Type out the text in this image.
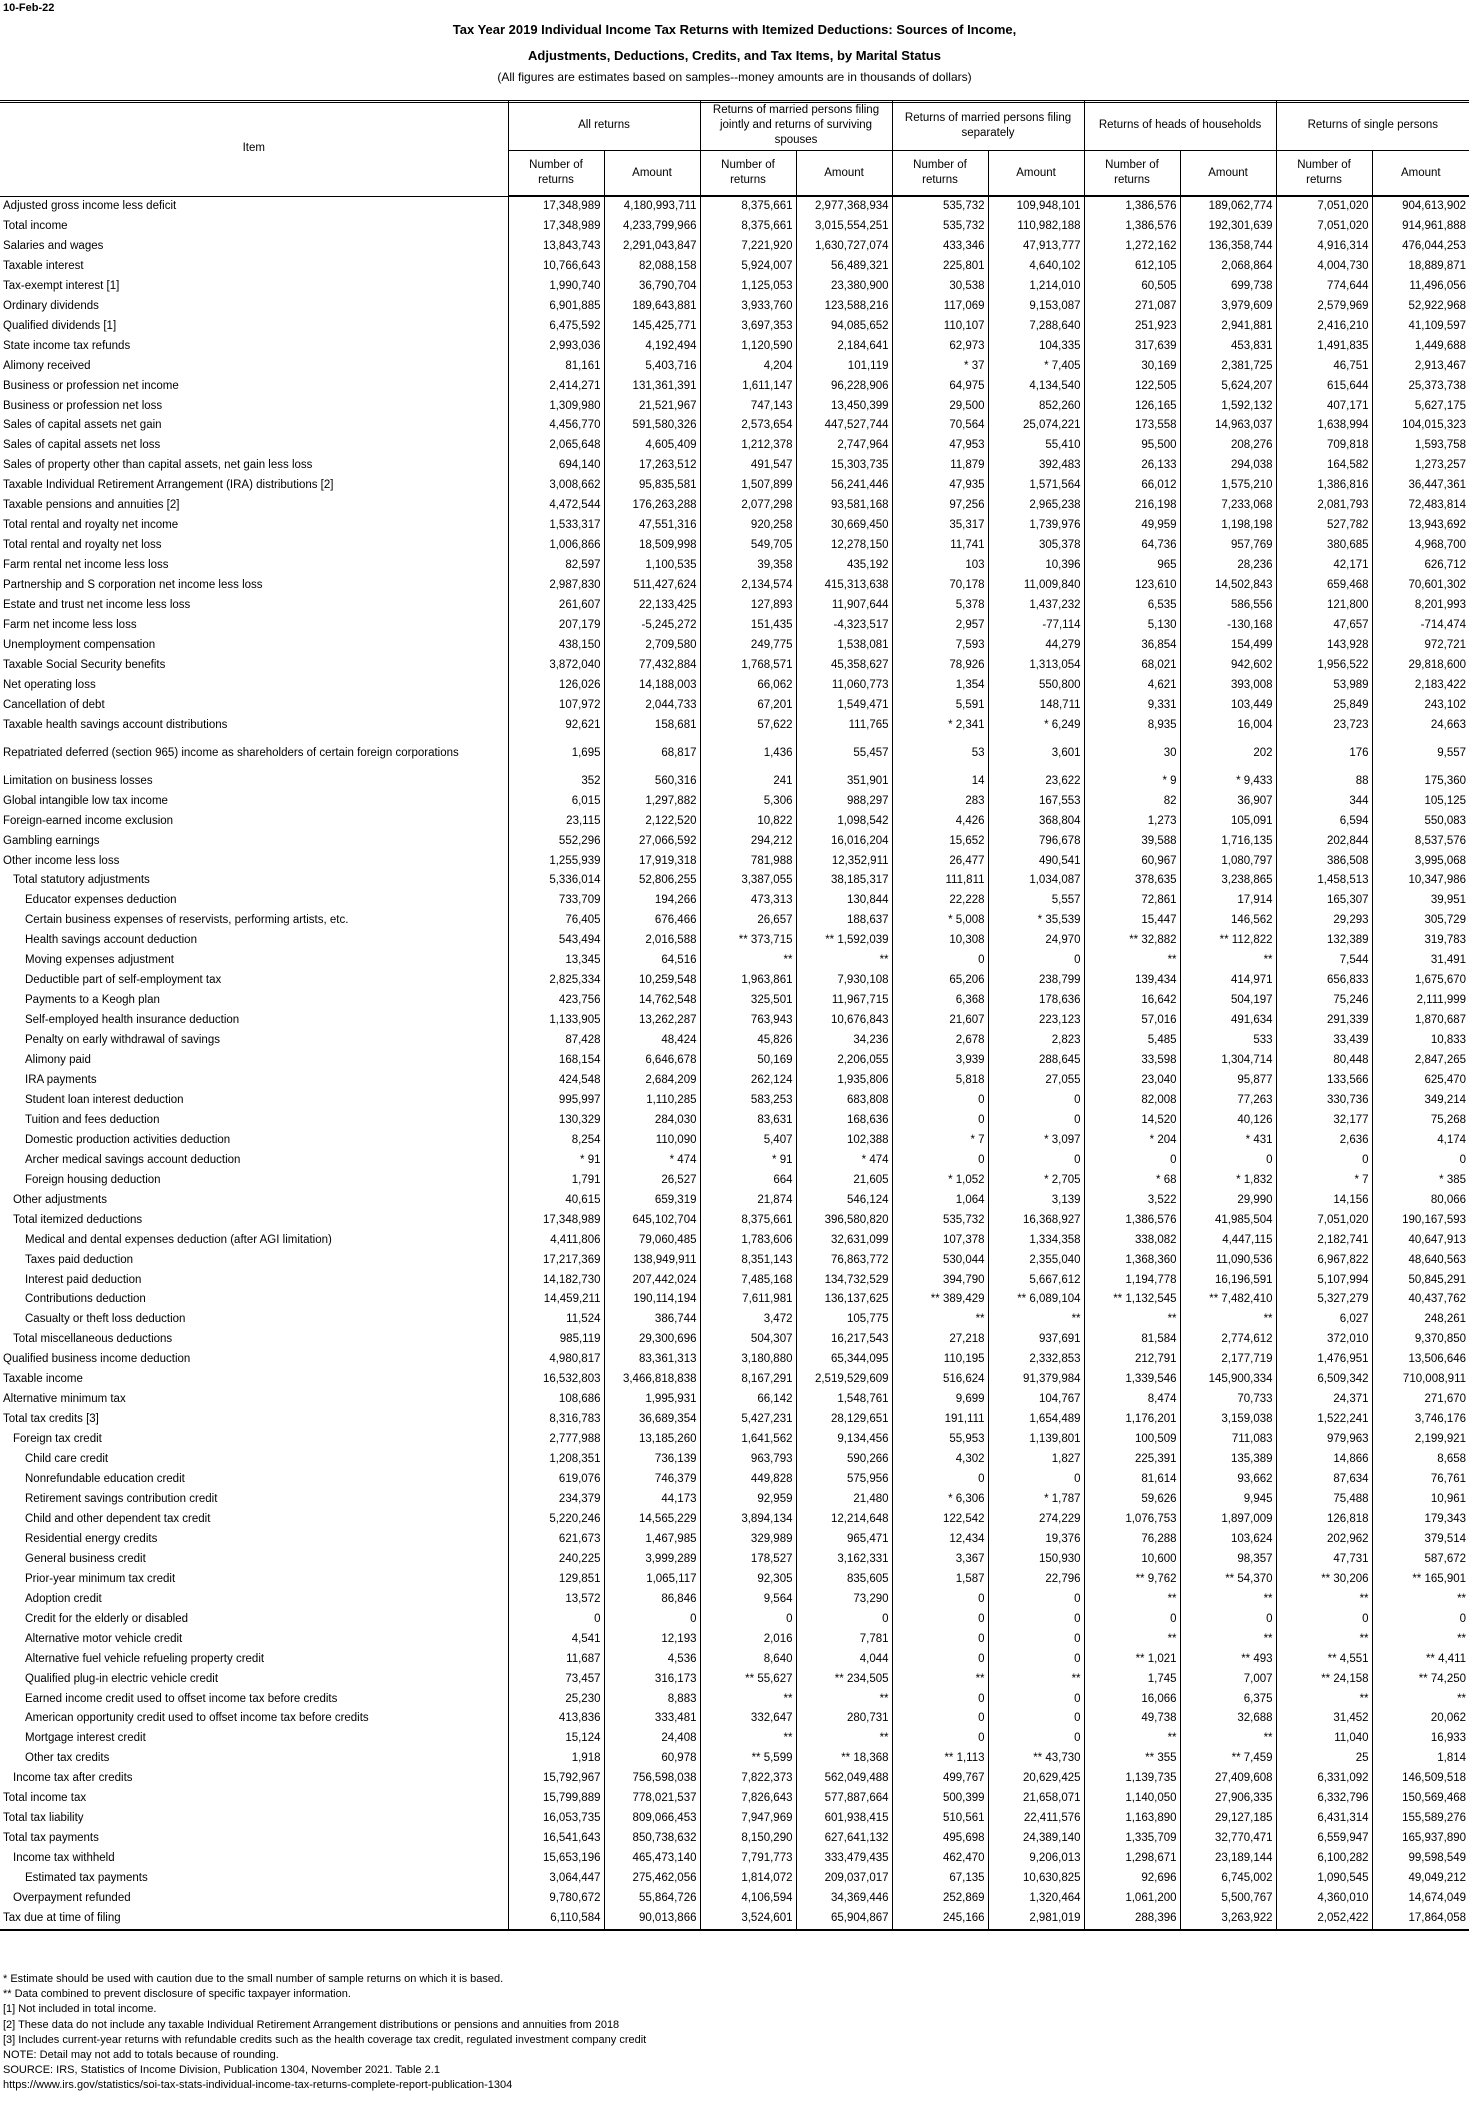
10-Feb-22
Tax Year 2019 Individual Income Tax Returns with Itemized Deductions: Sources of Income,
Adjustments, Deductions, Credits, and Tax Items, by Marital Status
(All figures are estimates based on samples--money amounts are in thousands of dollars)
Item	All returns		Returns of married persons filing jointly and returns of surviving spouses		Returns of married persons filing separately		Returns of heads of households		Returns of single persons	
	Number of returns	Amount	Number of returns	Amount	Number of returns	Amount	Number of returns	Amount	Number of returns	Amount
Adjusted gross income less deficit	17,348,989	4,180,993,711	8,375,661	2,977,368,934	535,732	109,948,101	1,386,576	189,062,774	7,051,020	904,613,902
Total income	17,348,989	4,233,799,966	8,375,661	3,015,554,251	535,732	110,982,188	1,386,576	192,301,639	7,051,020	914,961,888
Salaries and wages	13,843,743	2,291,043,847	7,221,920	1,630,727,074	433,346	47,913,777	1,272,162	136,358,744	4,916,314	476,044,253
Taxable interest	10,766,643	82,088,158	5,924,007	56,489,321	225,801	4,640,102	612,105	2,068,864	4,004,730	18,889,871
Tax-exempt interest [1]	1,990,740	36,790,704	1,125,053	23,380,900	30,538	1,214,010	60,505	699,738	774,644	11,496,056
Ordinary dividends	6,901,885	189,643,881	3,933,760	123,588,216	117,069	9,153,087	271,087	3,979,609	2,579,969	52,922,968
Qualified dividends [1]	6,475,592	145,425,771	3,697,353	94,085,652	110,107	7,288,640	251,923	2,941,881	2,416,210	41,109,597
State income tax refunds	2,993,036	4,192,494	1,120,590	2,184,641	62,973	104,335	317,639	453,831	1,491,835	1,449,688
Alimony received	81,161	5,403,716	4,204	101,119	* 37	* 7,405	30,169	2,381,725	46,751	2,913,467
Business or profession net income	2,414,271	131,361,391	1,611,147	96,228,906	64,975	4,134,540	122,505	5,624,207	615,644	25,373,738
Business or profession net loss	1,309,980	21,521,967	747,143	13,450,399	29,500	852,260	126,165	1,592,132	407,171	5,627,175
Sales of capital assets net gain	4,456,770	591,580,326	2,573,654	447,527,744	70,564	25,074,221	173,558	14,963,037	1,638,994	104,015,323
Sales of capital assets net loss	2,065,648	4,605,409	1,212,378	2,747,964	47,953	55,410	95,500	208,276	709,818	1,593,758
Sales of property other than capital assets, net gain less loss	694,140	17,263,512	491,547	15,303,735	11,879	392,483	26,133	294,038	164,582	1,273,257
Taxable Individual Retirement Arrangement (IRA) distributions [2]	3,008,662	95,835,581	1,507,899	56,241,446	47,935	1,571,564	66,012	1,575,210	1,386,816	36,447,361
Taxable pensions and annuities [2]	4,472,544	176,263,288	2,077,298	93,581,168	97,256	2,965,238	216,198	7,233,068	2,081,793	72,483,814
Total rental and royalty net income	1,533,317	47,551,316	920,258	30,669,450	35,317	1,739,976	49,959	1,198,198	527,782	13,943,692
Total rental and royalty net loss	1,006,866	18,509,998	549,705	12,278,150	11,741	305,378	64,736	957,769	380,685	4,968,700
Farm rental net income less loss	82,597	1,100,535	39,358	435,192	103	10,396	965	28,236	42,171	626,712
Partnership and S corporation net income less loss	2,987,830	511,427,624	2,134,574	415,313,638	70,178	11,009,840	123,610	14,502,843	659,468	70,601,302
Estate and trust net income less loss	261,607	22,133,425	127,893	11,907,644	5,378	1,437,232	6,535	586,556	121,800	8,201,993
Farm net income less loss	207,179	-5,245,272	151,435	-4,323,517	2,957	-77,114	5,130	-130,168	47,657	-714,474
Unemployment compensation	438,150	2,709,580	249,775	1,538,081	7,593	44,279	36,854	154,499	143,928	972,721
Taxable Social Security benefits	3,872,040	77,432,884	1,768,571	45,358,627	78,926	1,313,054	68,021	942,602	1,956,522	29,818,600
Net operating loss	126,026	14,188,003	66,062	11,060,773	1,354	550,800	4,621	393,008	53,989	2,183,422
Cancellation of debt	107,972	2,044,733	67,201	1,549,471	5,591	148,711	9,331	103,449	25,849	243,102
Taxable health savings account distributions	92,621	158,681	57,622	111,765	* 2,341	* 6,249	8,935	16,004	23,723	24,663

Repatriated deferred (section 965) income as shareholders of certain foreign corporations	1,695	68,817	1,436	55,457	53	3,601	30	202	176	9,557

Limitation on business losses	352	560,316	241	351,901	14	23,622	* 9	* 9,433	88	175,360
Global intangible low tax income	6,015	1,297,882	5,306	988,297	283	167,553	82	36,907	344	105,125
Foreign-earned income exclusion	23,115	2,122,520	10,822	1,098,542	4,426	368,804	1,273	105,091	6,594	550,083
Gambling earnings	552,296	27,066,592	294,212	16,016,204	15,652	796,678	39,588	1,716,135	202,844	8,537,576
Other income less loss	1,255,939	17,919,318	781,988	12,352,911	26,477	490,541	60,967	1,080,797	386,508	3,995,068
Total statutory adjustments	5,336,014	52,806,255	3,387,055	38,185,317	111,811	1,034,087	378,635	3,238,865	1,458,513	10,347,986
Educator expenses deduction	733,709	194,266	473,313	130,844	22,228	5,557	72,861	17,914	165,307	39,951
Certain business expenses of reservists, performing artists, etc.	76,405	676,466	26,657	188,637	* 5,008	* 35,539	15,447	146,562	29,293	305,729
Health savings account deduction	543,494	2,016,588	** 373,715	** 1,592,039	10,308	24,970	** 32,882	** 112,822	132,389	319,783
Moving expenses adjustment	13,345	64,516	**	**	0	0	**	**	7,544	31,491
Deductible part of self-employment tax	2,825,334	10,259,548	1,963,861	7,930,108	65,206	238,799	139,434	414,971	656,833	1,675,670
Payments to a Keogh plan	423,756	14,762,548	325,501	11,967,715	6,368	178,636	16,642	504,197	75,246	2,111,999
Self-employed health insurance deduction	1,133,905	13,262,287	763,943	10,676,843	21,607	223,123	57,016	491,634	291,339	1,870,687
Penalty on early withdrawal of savings	87,428	48,424	45,826	34,236	2,678	2,823	5,485	533	33,439	10,833
Alimony paid	168,154	6,646,678	50,169	2,206,055	3,939	288,645	33,598	1,304,714	80,448	2,847,265
IRA payments	424,548	2,684,209	262,124	1,935,806	5,818	27,055	23,040	95,877	133,566	625,470
Student loan interest deduction	995,997	1,110,285	583,253	683,808	0	0	82,008	77,263	330,736	349,214
Tuition and fees deduction	130,329	284,030	83,631	168,636	0	0	14,520	40,126	32,177	75,268
Domestic production activities deduction	8,254	110,090	5,407	102,388	* 7	* 3,097	* 204	* 431	2,636	4,174
Archer medical savings account deduction	* 91	* 474	* 91	* 474	0	0	0	0	0	0
Foreign housing deduction	1,791	26,527	664	21,605	* 1,052	* 2,705	* 68	* 1,832	* 7	* 385
Other adjustments	40,615	659,319	21,874	546,124	1,064	3,139	3,522	29,990	14,156	80,066
Total itemized deductions	17,348,989	645,102,704	8,375,661	396,580,820	535,732	16,368,927	1,386,576	41,985,504	7,051,020	190,167,593
Medical and dental expenses deduction (after AGI limitation)	4,411,806	79,060,485	1,783,606	32,631,099	107,378	1,334,358	338,082	4,447,115	2,182,741	40,647,913
Taxes paid deduction	17,217,369	138,949,911	8,351,143	76,863,772	530,044	2,355,040	1,368,360	11,090,536	6,967,822	48,640,563
Interest paid deduction	14,182,730	207,442,024	7,485,168	134,732,529	394,790	5,667,612	1,194,778	16,196,591	5,107,994	50,845,291
Contributions deduction	14,459,211	190,114,194	7,611,981	136,137,625	** 389,429	** 6,089,104	** 1,132,545	** 7,482,410	5,327,279	40,437,762
Casualty or theft loss deduction	11,524	386,744	3,472	105,775	**	**	**	**	6,027	248,261
Total miscellaneous deductions	985,119	29,300,696	504,307	16,217,543	27,218	937,691	81,584	2,774,612	372,010	9,370,850
Qualified business income deduction	4,980,817	83,361,313	3,180,880	65,344,095	110,195	2,332,853	212,791	2,177,719	1,476,951	13,506,646
Taxable income	16,532,803	3,466,818,838	8,167,291	2,519,529,609	516,624	91,379,984	1,339,546	145,900,334	6,509,342	710,008,911
Alternative minimum tax	108,686	1,995,931	66,142	1,548,761	9,699	104,767	8,474	70,733	24,371	271,670
Total tax credits [3]	8,316,783	36,689,354	5,427,231	28,129,651	191,111	1,654,489	1,176,201	3,159,038	1,522,241	3,746,176
Foreign tax credit	2,777,988	13,185,260	1,641,562	9,134,456	55,953	1,139,801	100,509	711,083	979,963	2,199,921
Child care credit	1,208,351	736,139	963,793	590,266	4,302	1,827	225,391	135,389	14,866	8,658
Nonrefundable education credit	619,076	746,379	449,828	575,956	0	0	81,614	93,662	87,634	76,761
Retirement savings contribution credit	234,379	44,173	92,959	21,480	* 6,306	* 1,787	59,626	9,945	75,488	10,961
Child and other dependent tax credit	5,220,246	14,565,229	3,894,134	12,214,648	122,542	274,229	1,076,753	1,897,009	126,818	179,343
Residential energy credits	621,673	1,467,985	329,989	965,471	12,434	19,376	76,288	103,624	202,962	379,514
General business credit	240,225	3,999,289	178,527	3,162,331	3,367	150,930	10,600	98,357	47,731	587,672
Prior-year minimum tax credit	129,851	1,065,117	92,305	835,605	1,587	22,796	** 9,762	** 54,370	** 30,206	** 165,901
Adoption credit	13,572	86,846	9,564	73,290	0	0	**	**	**	**
Credit for the elderly or disabled	0	0	0	0	0	0	0	0	0	0
Alternative motor vehicle credit	4,541	12,193	2,016	7,781	0	0	**	**	**	**
Alternative fuel vehicle refueling property credit	11,687	4,536	8,640	4,044	0	0	** 1,021	** 493	** 4,551	** 4,411
Qualified plug-in electric vehicle credit	73,457	316,173	** 55,627	** 234,505	**	**	1,745	7,007	** 24,158	** 74,250
Earned income credit used to offset income tax before credits	25,230	8,883	**	**	0	0	16,066	6,375	**	**
American opportunity credit used to offset income tax before credits	413,836	333,481	332,647	280,731	0	0	49,738	32,688	31,452	20,062
Mortgage interest credit	15,124	24,408	**	**	0	0	**	**	11,040	16,933
Other tax credits	1,918	60,978	** 5,599	** 18,368	** 1,113	** 43,730	** 355	** 7,459	25	1,814
Income tax after credits	15,792,967	756,598,038	7,822,373	562,049,488	499,767	20,629,425	1,139,735	27,409,608	6,331,092	146,509,518
Total income tax	15,799,889	778,021,537	7,826,643	577,887,664	500,399	21,658,071	1,140,050	27,906,335	6,332,796	150,569,468
Total tax liability	16,053,735	809,066,453	7,947,969	601,938,415	510,561	22,411,576	1,163,890	29,127,185	6,431,314	155,589,276
Total tax payments	16,541,643	850,738,632	8,150,290	627,641,132	495,698	24,389,140	1,335,709	32,770,471	6,559,947	165,937,890
Income tax withheld	15,653,196	465,473,140	7,791,773	333,479,435	462,470	9,206,013	1,298,671	23,189,144	6,100,282	99,598,549
Estimated tax payments	3,064,447	275,462,056	1,814,072	209,037,017	67,135	10,630,825	92,696	6,745,002	1,090,545	49,049,212
Overpayment refunded	9,780,672	55,864,726	4,106,594	34,369,446	252,869	1,320,464	1,061,200	5,500,767	4,360,010	14,674,049
Tax due at time of filing	6,110,584	90,013,866	3,524,601	65,904,867	245,166	2,981,019	288,396	3,263,922	2,052,422	17,864,058
* Estimate should be used with caution due to the small number of sample returns on which it is based.
** Data combined to prevent disclosure of specific taxpayer information.
[1] Not included in total income.
[2] These data do not include any taxable Individual Retirement Arrangement distributions or pensions and annuities from 2018
[3] Includes current-year returns with refundable credits such as the health coverage tax credit, regulated investment company credit
NOTE: Detail may not add to totals because of rounding.
SOURCE: IRS, Statistics of Income Division, Publication 1304, November 2021. Table 2.1
https://www.irs.gov/statistics/soi-tax-stats-individual-income-tax-returns-complete-report-publication-1304
